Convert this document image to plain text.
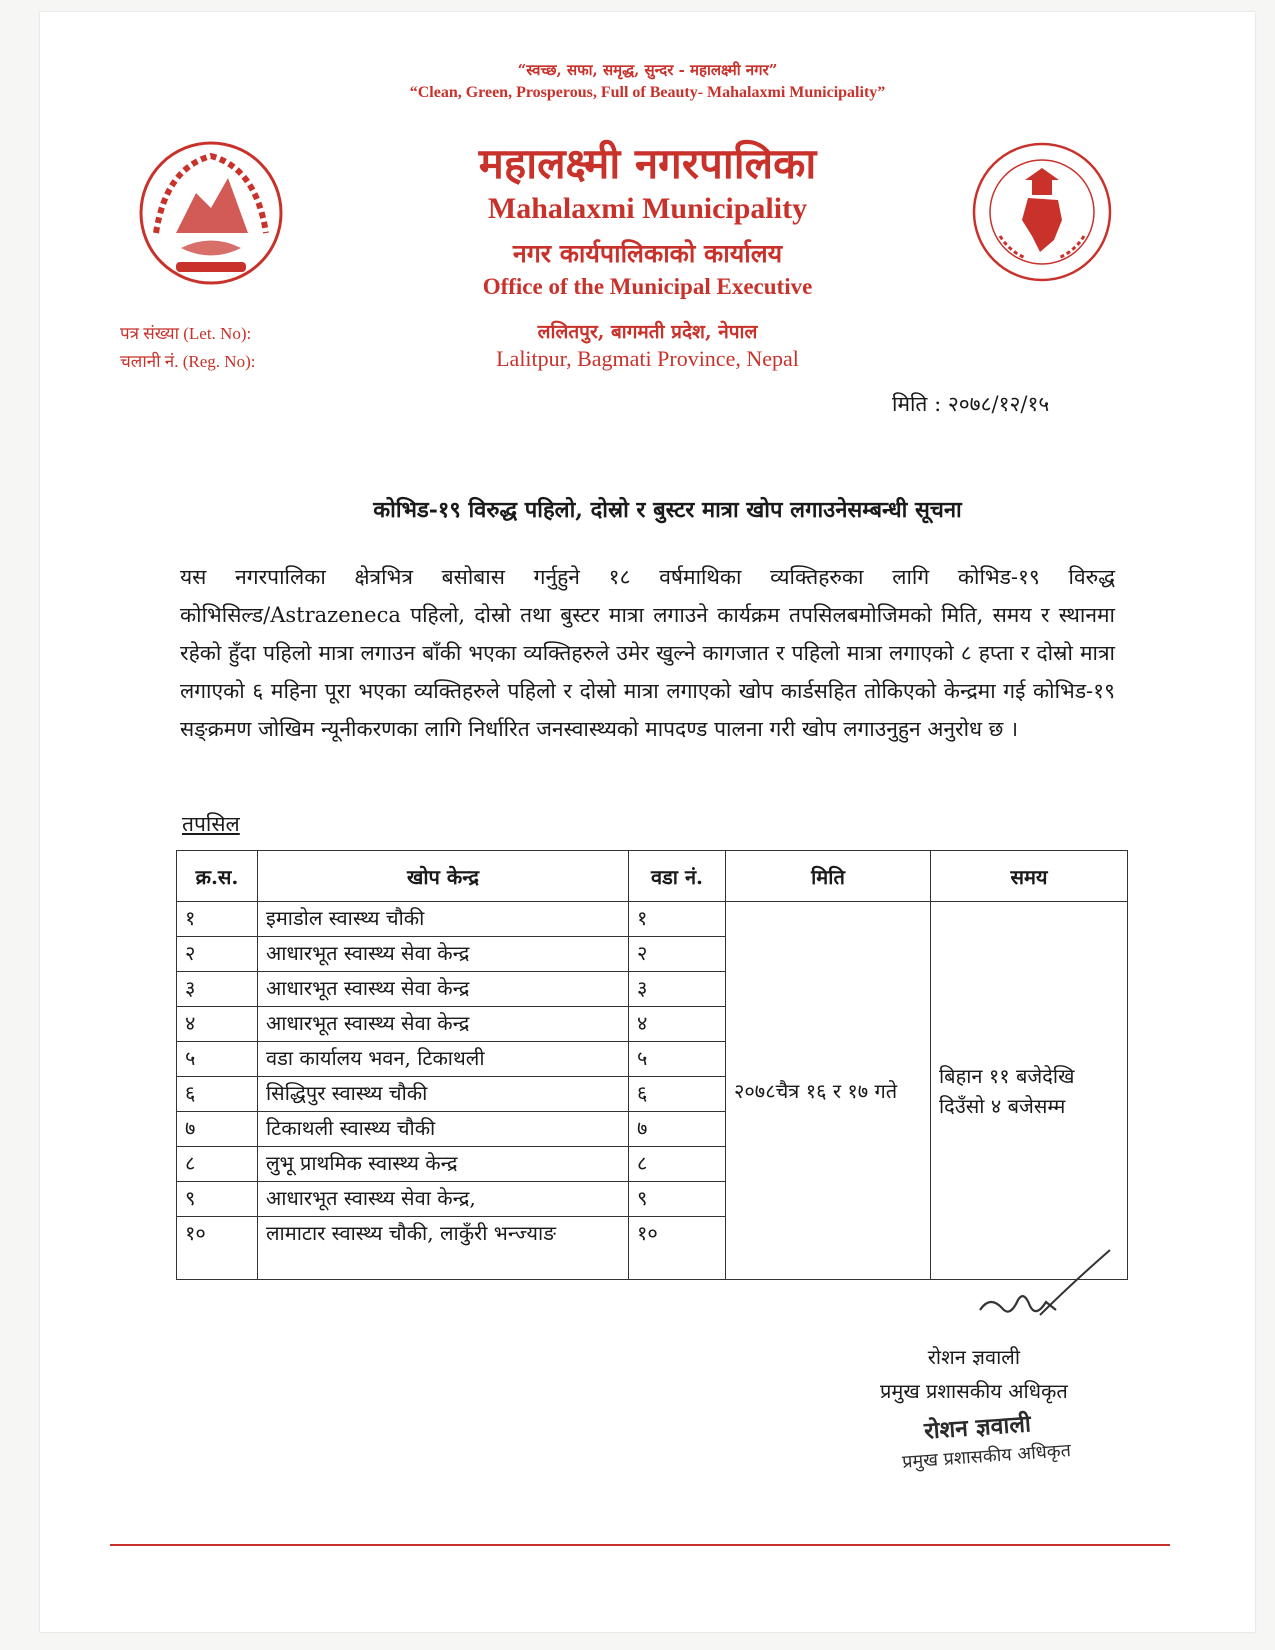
“स्वच्छ, सफा, समृद्ध, सुन्दर - महालक्ष्मी नगर”
“Clean, Green, Prosperous, Full of Beauty- Mahalaxmi Municipality”
महालक्ष्मी नगरपालिका
Mahalaxmi Municipality
नगर कार्यपालिकाको कार्यालय
Office of the Municipal Executive
ललितपुर, बागमती प्रदेश, नेपाल
Lalitpur, Bagmati Province, Nepal
पत्र संख्या (Let. No):
चलानी नं. (Reg. No):
मिति : २०७८/१२/१५
कोभिड-१९ विरुद्ध पहिलो, दोस्रो र बुस्टर मात्रा खोप लगाउनेसम्बन्धी सूचना
यस नगरपालिका क्षेत्रभित्र बसोबास गर्नुहुने १८ वर्षमाथिका व्यक्तिहरुका लागि कोभिड-१९ विरुद्ध कोभिसिल्ड/Astrazeneca पहिलो, दोस्रो तथा बुस्टर मात्रा लगाउने कार्यक्रम तपसिलबमोजिमको मिति, समय र स्थानमा रहेको हुँदा पहिलो मात्रा लगाउन बाँकी भएका व्यक्तिहरुले उमेर खुल्ने कागजात र पहिलो मात्रा लगाएको ८ हप्ता र दोस्रो मात्रा लगाएको ६ महिना पूरा भएका व्यक्तिहरुले पहिलो र दोस्रो मात्रा लगाएको खोप कार्डसहित तोकिएको केन्द्रमा गई कोभिड-१९ सङ्क्रमण जोखिम न्यूनीकरणका लागि निर्धारित जनस्वास्थ्यको मापदण्ड पालना गरी खोप लगाउनुहुन अनुरोध छ ।
तपसिल
क्र.स.	खोप केन्द्र	वडा नं.	मिति	समय
१	इमाडोल स्वास्थ्य चौकी	१	२०७८चैत्र १६ र १७ गते	बिहान ११ बजेदेखि दिउँसो ४ बजेसम्म
२	आधारभूत स्वास्थ्य सेवा केन्द्र	२		
३	आधारभूत स्वास्थ्य सेवा केन्द्र	३		
४	आधारभूत स्वास्थ्य सेवा केन्द्र	४		
५	वडा कार्यालय भवन, टिकाथली	५		
६	सिद्धिपुर स्वास्थ्य चौकी	६		
७	टिकाथली स्वास्थ्य चौकी	७		
८	लुभू प्राथमिक स्वास्थ्य केन्द्र	८		
९	आधारभूत स्वास्थ्य सेवा केन्द्र,	९		
१०	लामाटार स्वास्थ्य चौकी, लाकुँरी भन्ज्याङ	१०		
रोशन ज्ञवाली
प्रमुख प्रशासकीय अधिकृत
रोशन ज्ञवाली
प्रमुख प्रशासकीय अधिकृत
